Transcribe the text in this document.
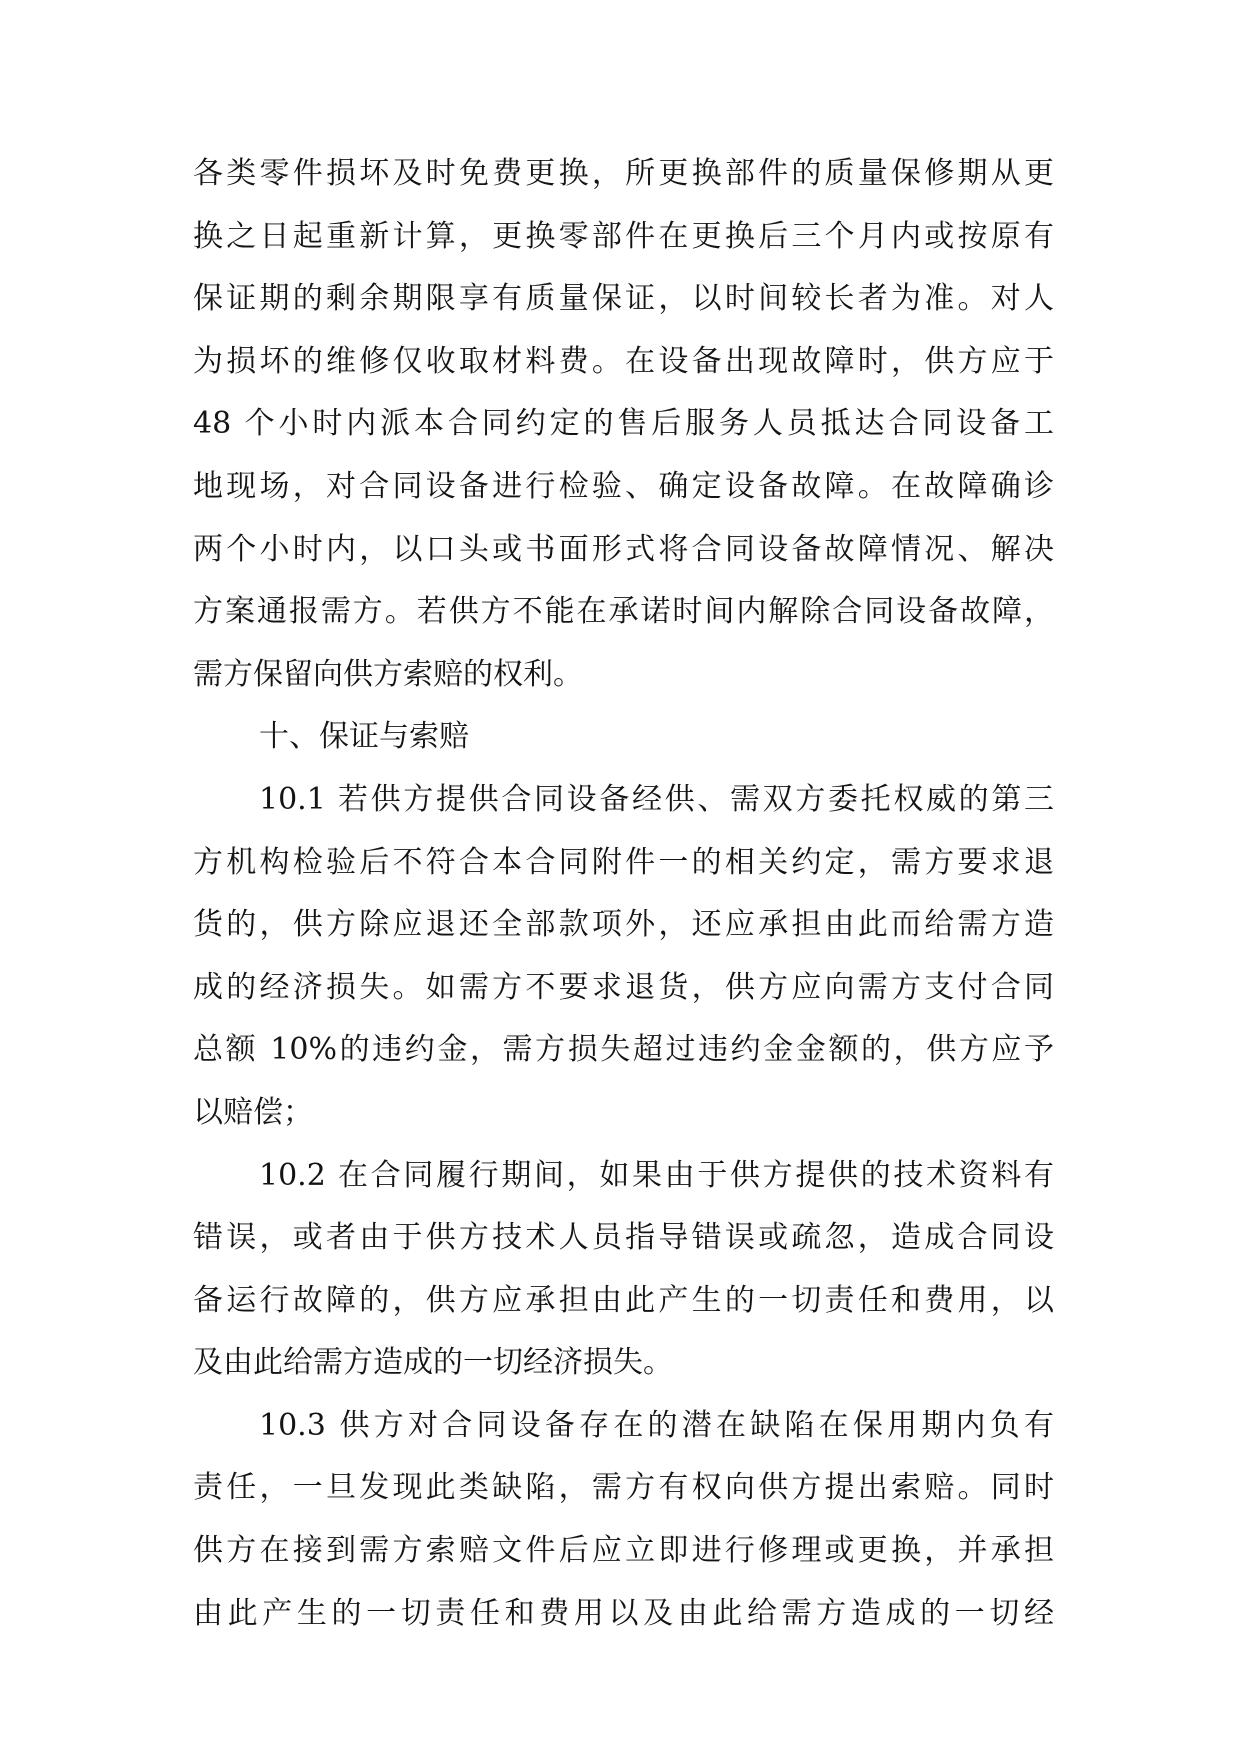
各类零件损坏及时免费更换，所更换部件的质量保修期从更
换之日起重新计算，更换零部件在更换后三个月内或按原有
保证期的剩余期限享有质量保证，以时间较长者为准。对人
为损坏的维修仅收取材料费。在设备出现故障时，供方应于
48 个小时内派本合同约定的售后服务人员抵达合同设备工
地现场，对合同设备进行检验、确定设备故障。在故障确诊
两个小时内，以口头或书面形式将合同设备故障情况、解决
方案通报需方。若供方不能在承诺时间内解除合同设备故障，
需方保留向供方索赔的权利。
十、保证与索赔
10.1 若供方提供合同设备经供、需双方委托权威的第三
方机构检验后不符合本合同附件一的相关约定，需方要求退
货的，供方除应退还全部款项外，还应承担由此而给需方造
成的经济损失。如需方不要求退货，供方应向需方支付合同
总额 10%的违约金，需方损失超过违约金金额的，供方应予
以赔偿；
10.2 在合同履行期间，如果由于供方提供的技术资料有
错误，或者由于供方技术人员指导错误或疏忽，造成合同设
备运行故障的，供方应承担由此产生的一切责任和费用，以
及由此给需方造成的一切经济损失。
10.3 供方对合同设备存在的潜在缺陷在保用期内负有
责任，一旦发现此类缺陷，需方有权向供方提出索赔。同时
供方在接到需方索赔文件后应立即进行修理或更换，并承担
由此产生的一切责任和费用以及由此给需方造成的一切经
